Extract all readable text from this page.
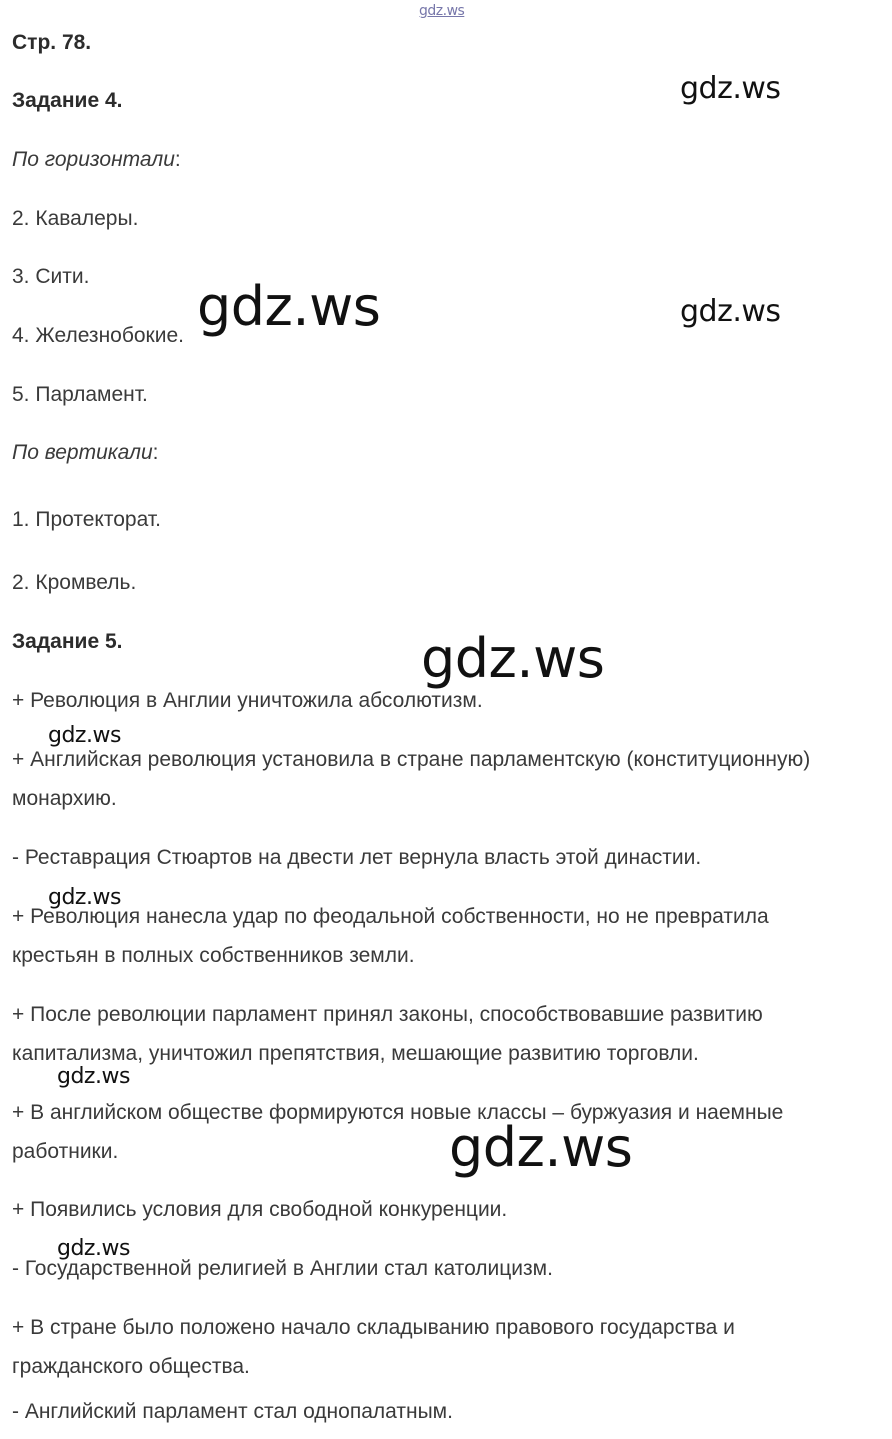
gdz.ws

Стр. 78.

Задание 4.

По горизонтали:

2. Кавалеры.

3. Сити.

4. Железнобокие.

5. Парламент.

По вертикали:

1. Протекторат.

2. Кромвель.

Задание 5.

+ Революция в Англии уничтожила абсолютизм.

+ Английская революция установила в стране парламентскую (конституционную)

монархию.

- Реставрация Стюартов на двести лет вернула власть этой династии.

+ Революция нанесла удар по феодальной собственности, но не превратила

крестьян в полных собственников земли.

+ После революции парламент принял законы, способствовавшие развитию

капитализма, уничтожил препятствия, мешающие развитию торговли.

+ В английском обществе формируются новые классы – буржуазия и наемные

работники.

+ Появились условия для свободной конкуренции.

- Государственной религией в Англии стал католицизм.

+ В стране было положено начало складыванию правового государства и

гражданского общества.

- Английский парламент стал однопалатным.

gdz.ws
gdz.ws	gdz.ws
gdz.ws
gdz.ws
gdz.ws
gdz.ws
gdz.ws
gdz.ws
